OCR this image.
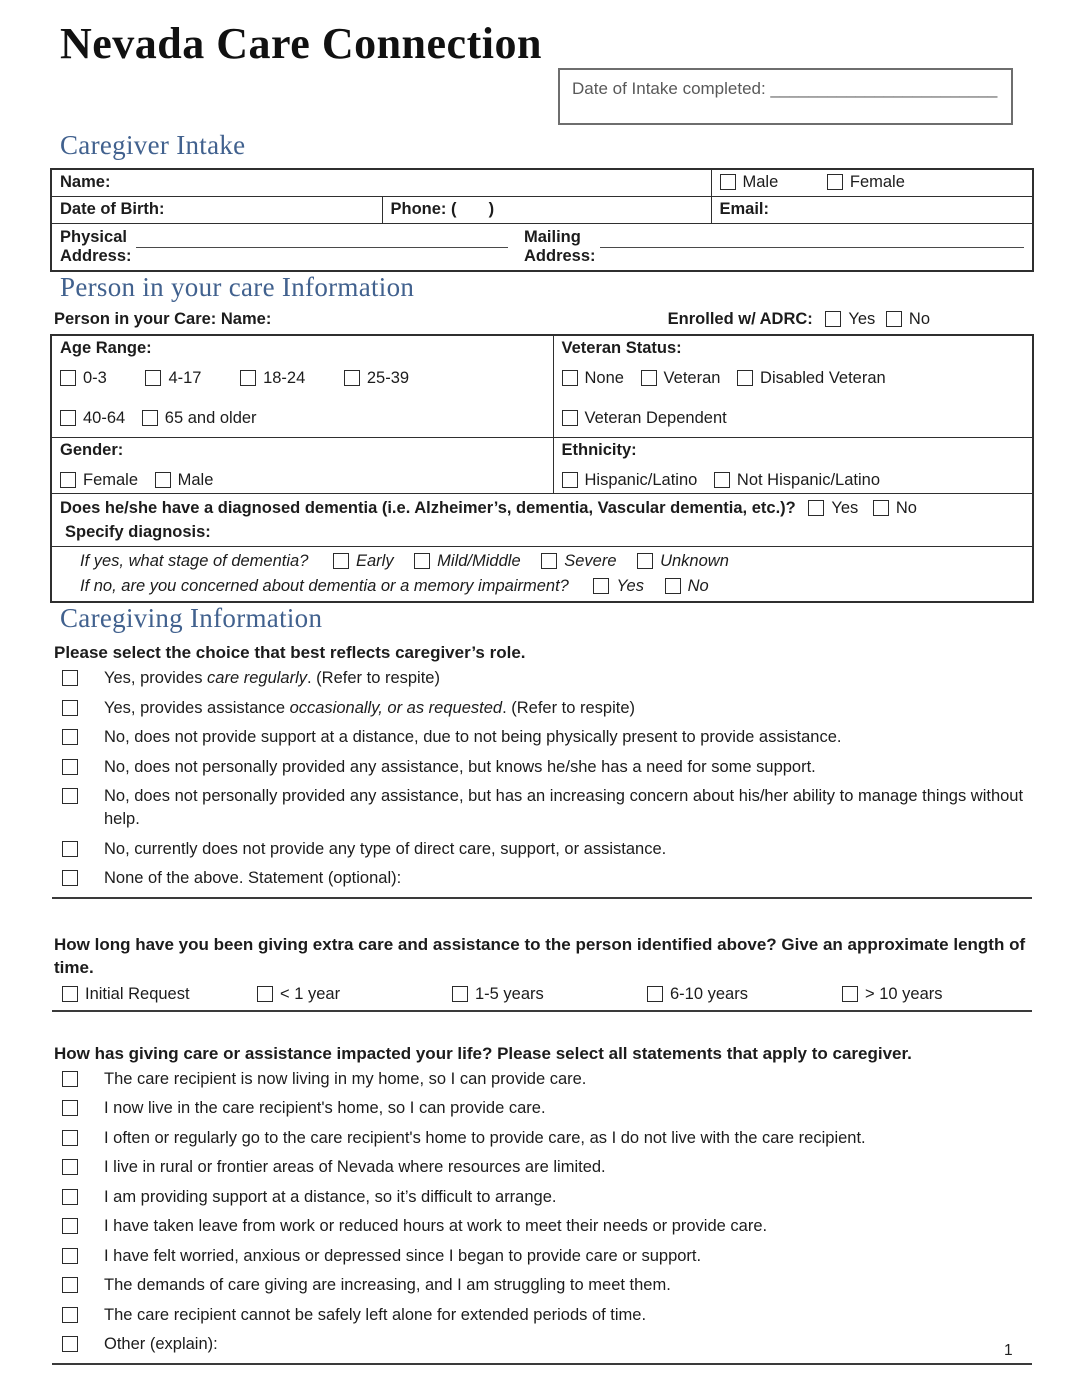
Nevada Care Connection
Date of Intake completed: ________________________
Caregiver Intake
Name:		Male Female
Date of Birth:	Phone: (       )	Email:

Physical Address:
Mailing Address:		
Person in your care Information
Person in your Care: Name:	Enrolled w/ ADRC: Yes No
Age Range:
0-3	4-17	18-24	25-39
40-64 65 and older

Veteran Status:
None Veteran Disabled Veteran
Veteran Dependent

Gender:
Female Male

Ethnicity:
Hispanic/Latino Not Hispanic/Latino

Does he/she have a diagnosed dementia (i.e. Alzheimer’s, dementia, Vascular dementia, etc.)? Yes No
Specify diagnosis:	

If yes, what stage of dementia? Early Mild/Middle Severe Unknown
If no, are you concerned about dementia or a memory impairment? Yes No	
Caregiving Information

Please select the choice that best reflects caregiver’s role.

Yes, provides care regularly. (Refer to respite)
Yes, provides assistance occasionally, or as requested. (Refer to respite)
No, does not provide support at a distance, due to not being physically present to provide assistance.
No, does not personally provided any assistance, but knows he/she has a need for some support.
No, does not personally provided any assistance, but has an increasing concern about his/her ability to manage things without help.
No, currently does not provide any type of direct care, support, or assistance.
None of the above. Statement (optional):

How long have you been giving extra care and assistance to the person identified above? Give an approximate length of time.

Initial Request	< 1 year	1-5 years	6-10 years	> 10 years

How has giving care or assistance impacted your life? Please select all statements that apply to caregiver.

The care recipient is now living in my home, so I can provide care.
I now live in the care recipient's home, so I can provide care.
I often or regularly go to the care recipient's home to provide care, as I do not live with the care recipient.
I live in rural or frontier areas of Nevada where resources are limited.
I am providing support at a distance, so it’s difficult to arrange.
I have taken leave from work or reduced hours at work to meet their needs or provide care.
I have felt worried, anxious or depressed since I began to provide care or support.
The demands of care giving are increasing, and I am struggling to meet them.
The care recipient cannot be safely left alone for extended periods of time.
Other (explain):	1
